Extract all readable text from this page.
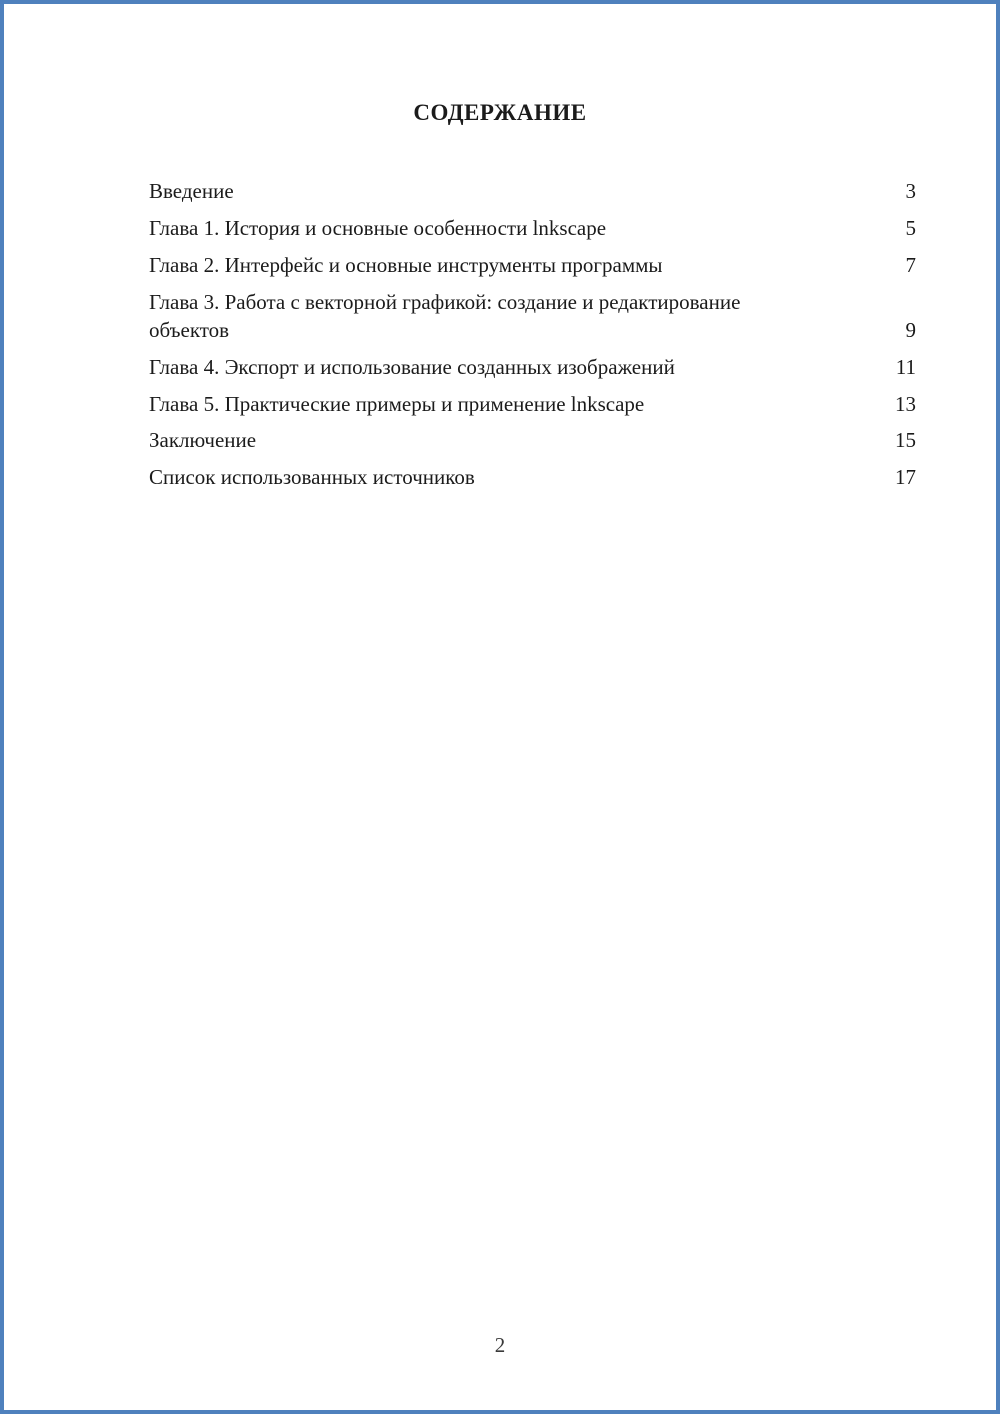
СОДЕРЖАНИЕ
Введение	3
Глава 1. История и основные особенности lnkscape	5
Глава 2. Интерфейс и основные инструменты программы	7
Глава 3. Работа с векторной графикой: создание и редактирование объектов	9
Глава 4. Экспорт и использование созданных изображений	11
Глава 5. Практические примеры и применение lnkscape	13
Заключение	15
Список использованных источников	17
2
